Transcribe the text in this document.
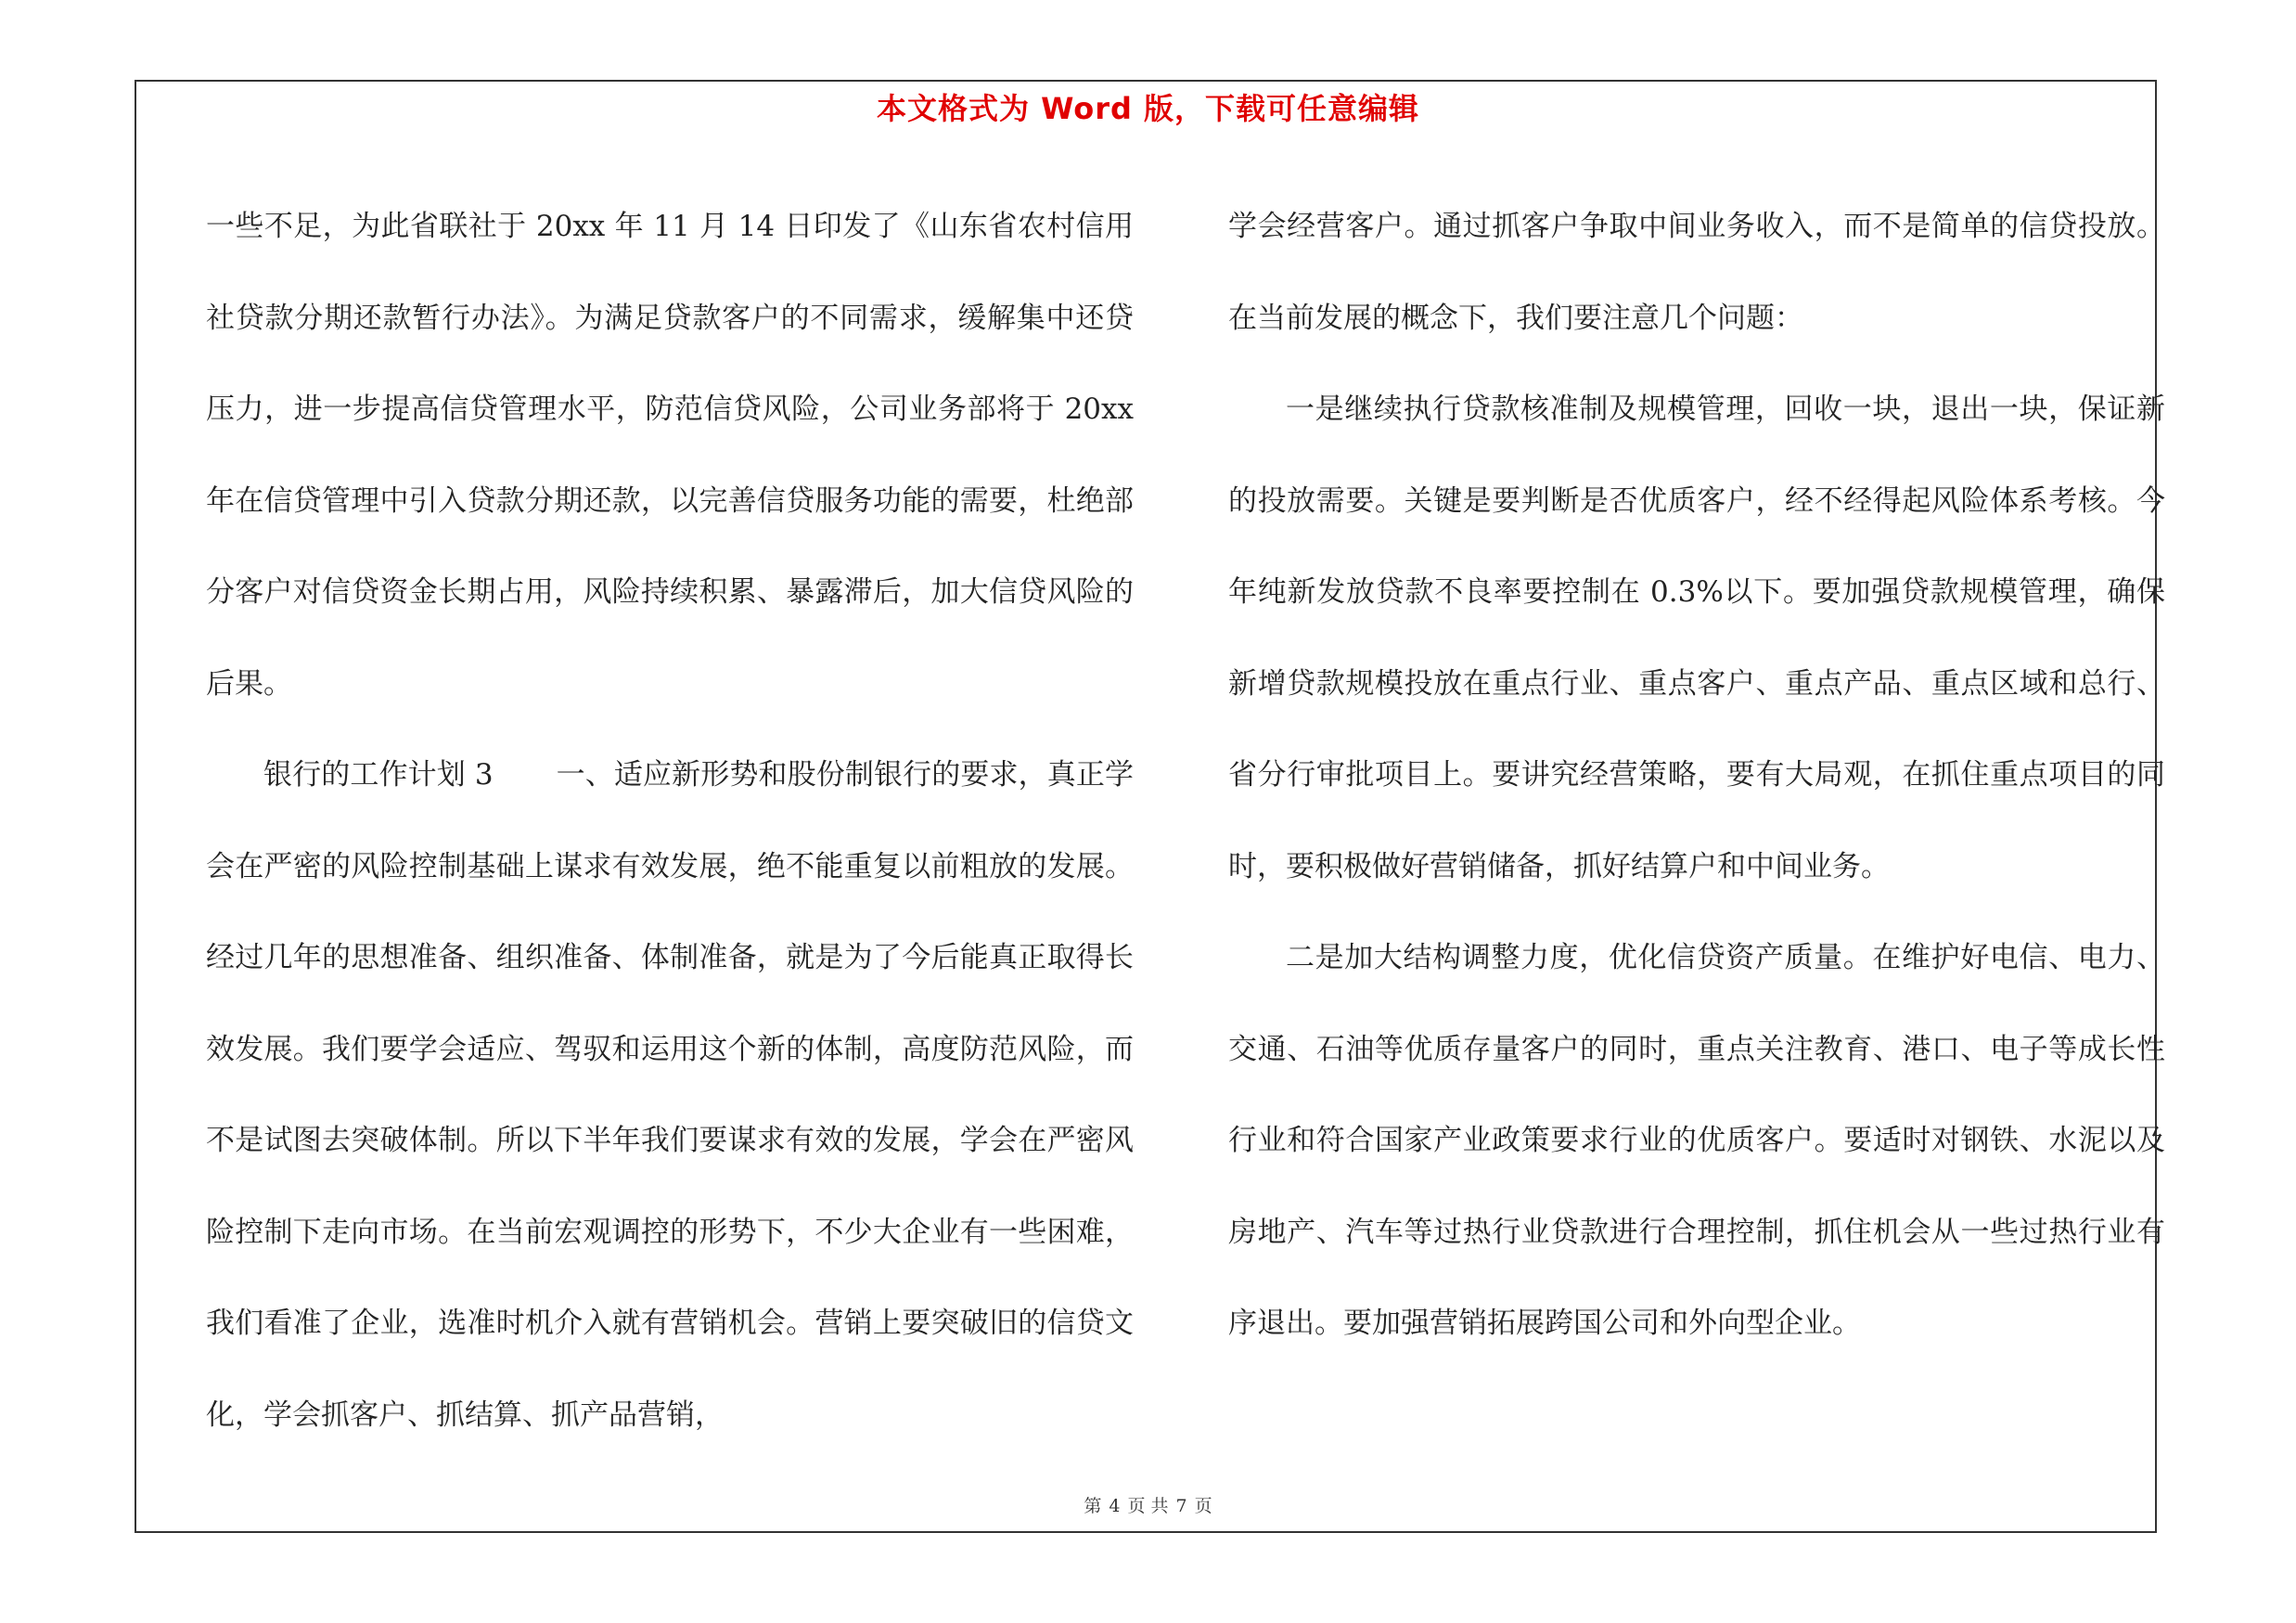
本文格式为 Word 版，下载可任意编辑

一些不足，为此省联社于 20xx 年 11 月 14 日印发了《山东省农村信用社贷款分期还款暂行办法》。为满足贷款客户的不同需求，缓解集中还贷压力，进一步提高信贷管理水平，防范信贷风险，公司业务部将于 20xx 年在信贷管理中引入贷款分期还款，以完善信贷服务功能的需要，杜绝部分客户对信贷资金长期占用，风险持续积累、暴露滞后，加大信贷风险的后果。

银行的工作计划 3 一、适应新形势和股份制银行的要求，真正学会在严密的风险控制基础上谋求有效发展，绝不能重复以前粗放的发展。经过几年的思想准备、组织准备、体制准备，就是为了今后能真正取得长效发展。我们要学会适应、驾驭和运用这个新的体制，高度防范风险，而不是试图去突破体制。所以下半年我们要谋求有效的发展，学会在严密风险控制下走向市场。在当前宏观调控的形势下，不少大企业有一些困难，我们看准了企业，选准时机介入就有营销机会。营销上要突破旧的信贷文化，学会抓客户、抓结算、抓产品营销，

学会经营客户。通过抓客户争取中间业务收入，而不是简单的信贷投放。在当前发展的概念下，我们要注意几个问题：

一是继续执行贷款核准制及规模管理，回收一块，退出一块，保证新的投放需要。关键是要判断是否优质客户，经不经得起风险体系考核。今年纯新发放贷款不良率要控制在 0.3%以下。要加强贷款规模管理，确保新增贷款规模投放在重点行业、重点客户、重点产品、重点区域和总行、省分行审批项目上。要讲究经营策略，要有大局观，在抓住重点项目的同时，要积极做好营销储备，抓好结算户和中间业务。

二是加大结构调整力度，优化信贷资产质量。在维护好电信、电力、交通、石油等优质存量客户的同时，重点关注教育、港口、电子等成长性行业和符合国家产业政策要求行业的优质客户。要适时对钢铁、水泥以及房地产、汽车等过热行业贷款进行合理控制，抓住机会从一些过热行业有序退出。要加强营销拓展跨国公司和外向型企业。

第 4 页 共 7 页
